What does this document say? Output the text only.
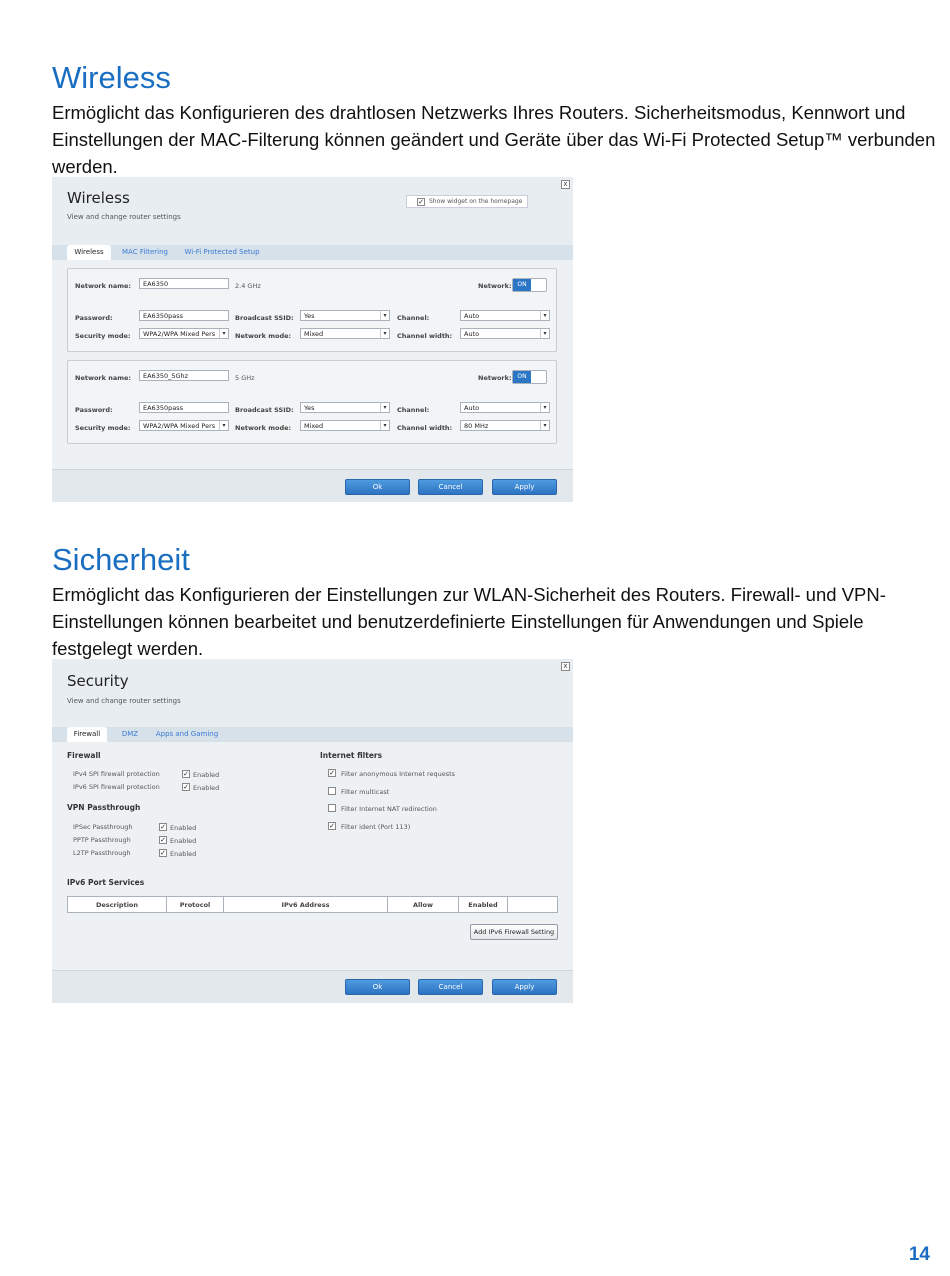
Wireless

Ermöglicht das Konfigurieren des drahtlosen Netzwerks Ihres Routers. Sicherheitsmodus, Kennwort und Einstellungen der MAC-Filterung können geändert und Geräte über das Wi-Fi Protected Setup™ verbunden werden.

x
Wireless
View and change router settings
✓ Show widget on the homepage
Wireless	MAC Filtering	Wi-Fi Protected Setup
Network name:	EA6350	2.4 GHz	Network: ON
Password:	EA6350pass	Broadcast SSID:	Yes	▾	Channel:	Auto	▾
Security mode:	WPA2/WPA Mixed Pers	▾	Network mode:	Mixed	▾	Channel width:	Auto	▾
Network name:	EA6350_5Ghz	5 GHz	Network: ON
Password:	EA6350pass	Broadcast SSID:	Yes	▾	Channel:	Auto	▾
Security mode:	WPA2/WPA Mixed Pers	▾	Network mode:	Mixed	▾	Channel width:	80 MHz	▾
Ok	Cancel	Apply
Sicherheit

Ermöglicht das Konfigurieren der Einstellungen zur WLAN-Sicherheit des Routers. Firewall- und VPN-Einstellungen können bearbeitet und benutzerdefinierte Einstellungen für Anwendungen und Spiele festgelegt werden.

x
Security
View and change router settings
Firewall	DMZ	Apps and Gaming
Firewall
IPv4 SPI firewall protection	✓ Enabled
IPv6 SPI firewall protection	✓ Enabled
VPN Passthrough
IPSec Passthrough	✓ Enabled
PPTP Passthrough	✓ Enabled
L2TP Passthrough	✓ Enabled
Internet filters
✓ Filter anonymous Internet requests
Filter multicast
Filter Internet NAT redirection
✓ Filter ident (Port 113)
IPv6 Port Services
Description	Protocol	IPv6 Address	Allow	Enabled	
Add IPv6 Firewall Setting
Ok	Cancel	Apply
14
